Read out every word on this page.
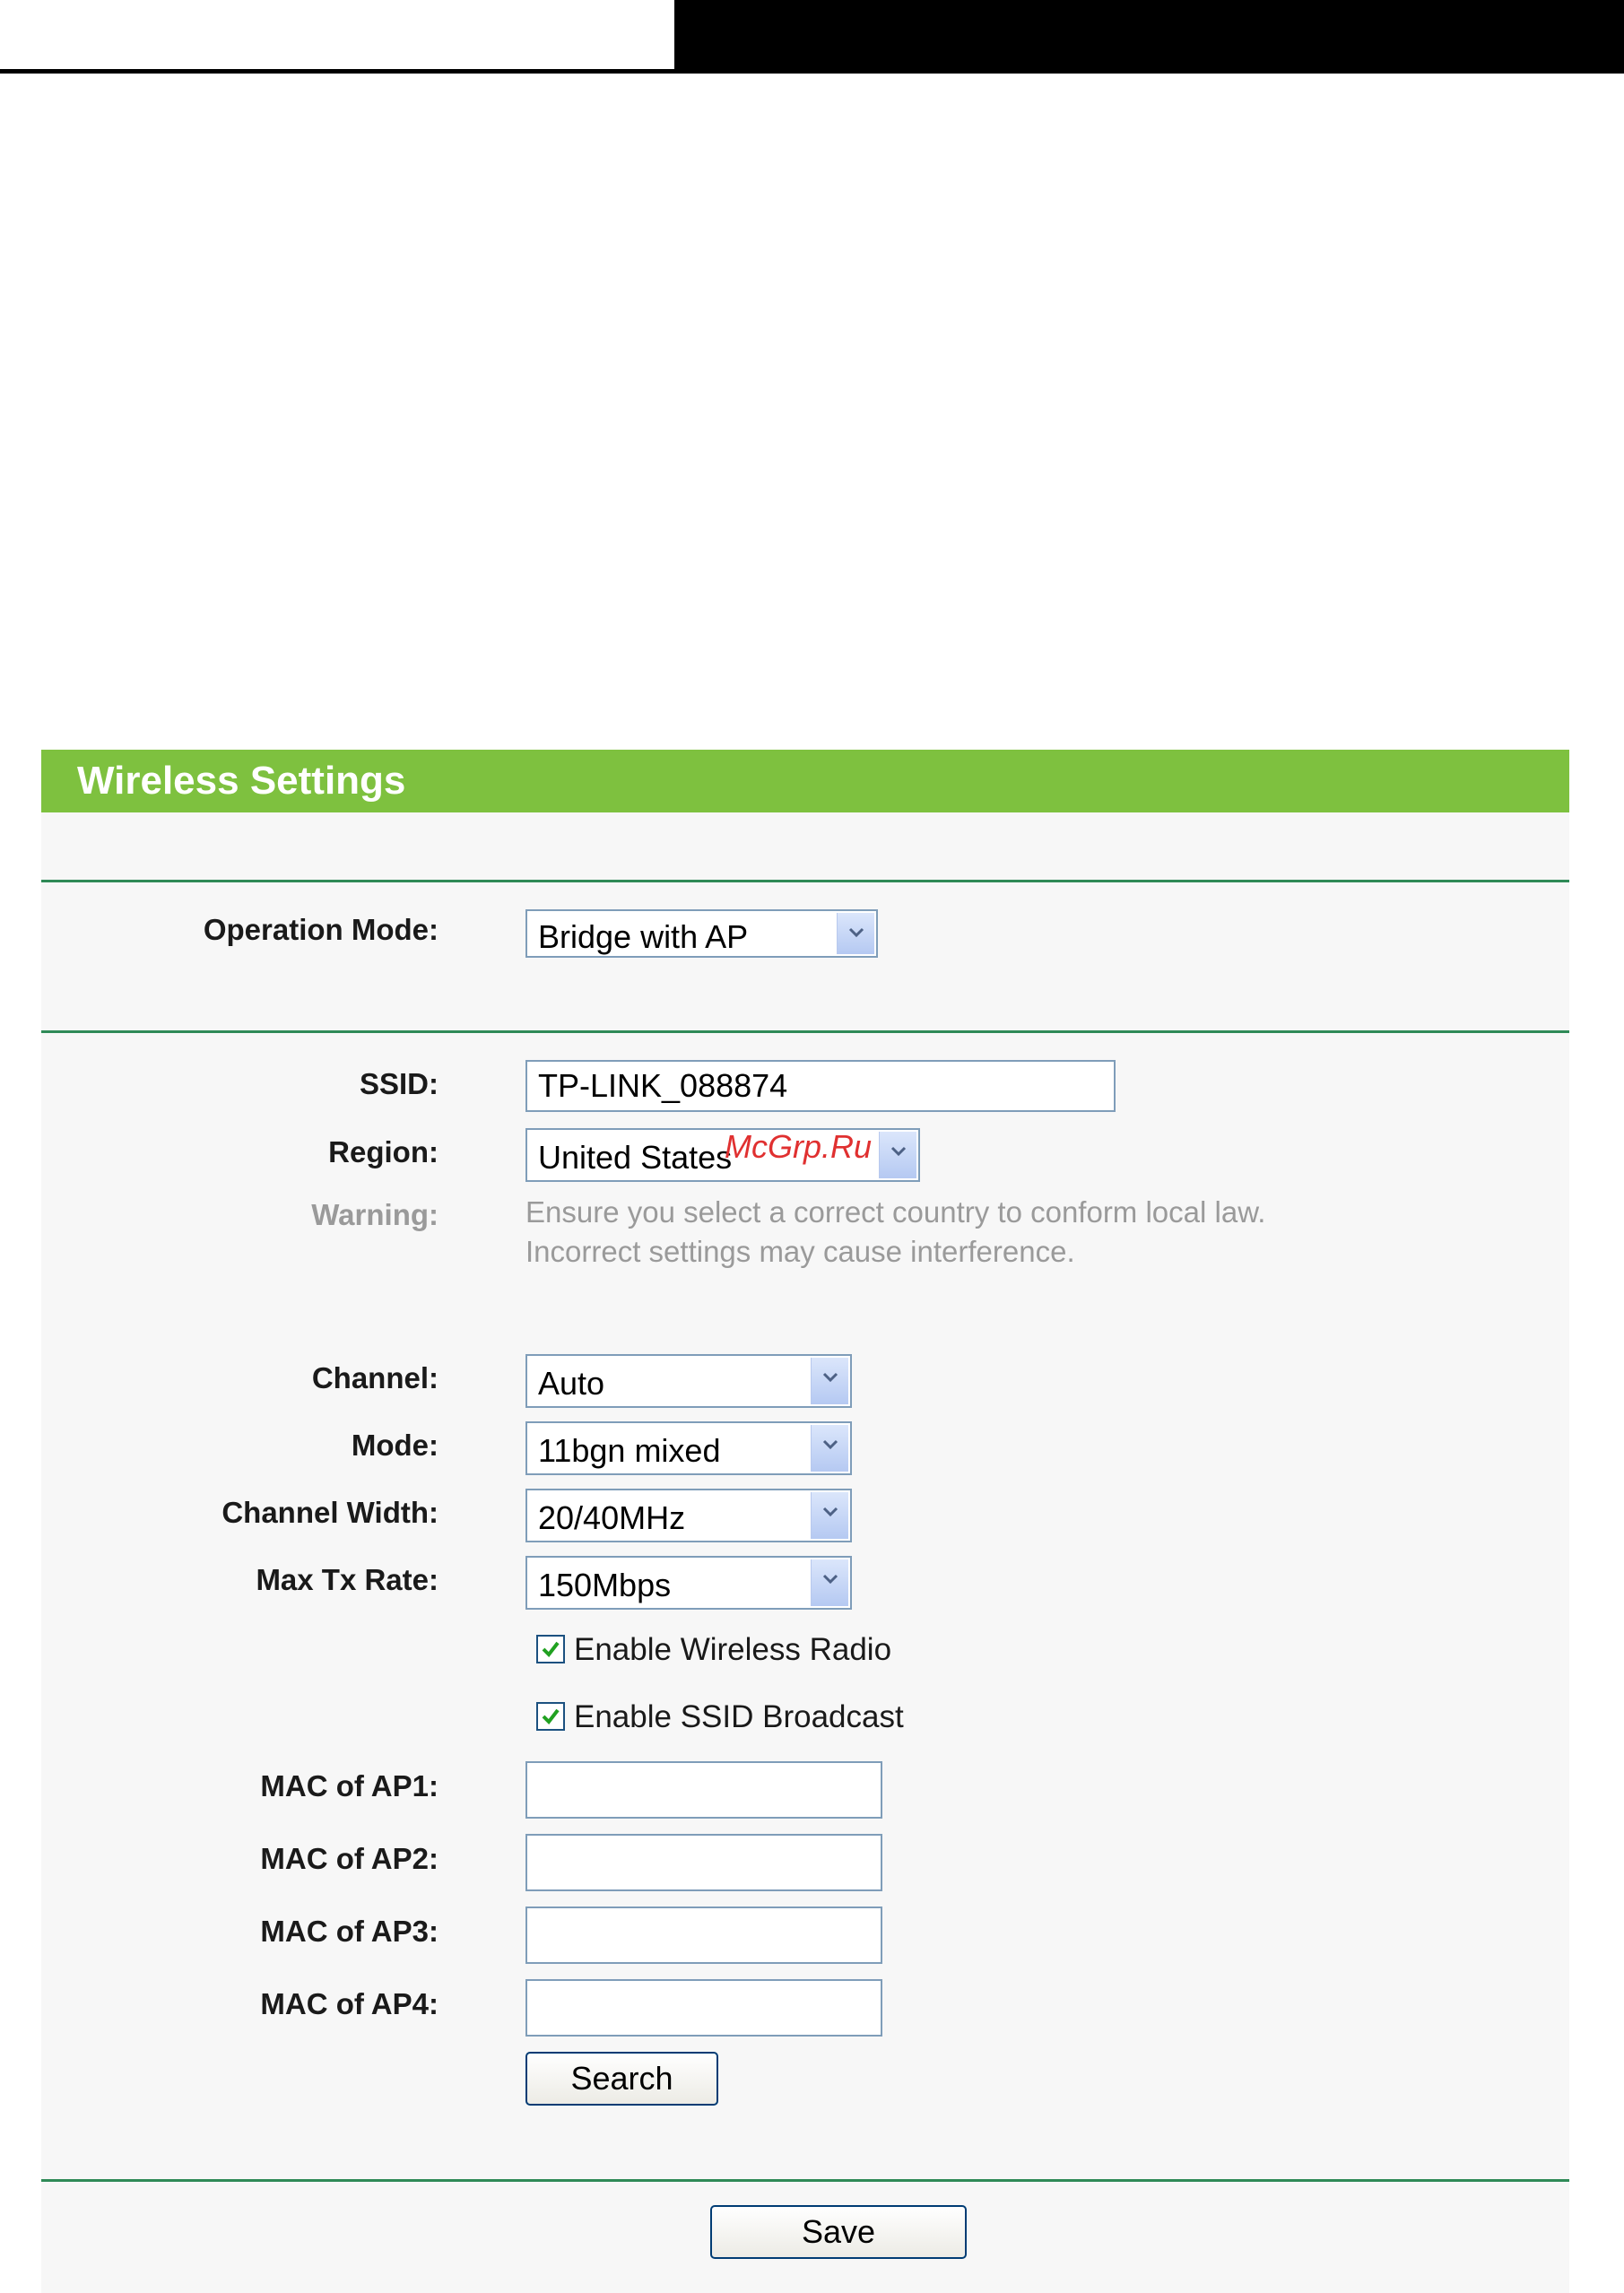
Wireless Settings
Operation Mode:	Bridge with AP
SSID:
TP-LINK_088874
Region:	United States
Warning:	Ensure you select a correct country to conform local law.
Incorrect settings may cause interference.
Channel:	Auto
Mode:	11bgn mixed
Channel Width:	20/40MHz
Max Tx Rate:	150Mbps
Enable Wireless Radio
Enable SSID Broadcast
MAC of AP1:
MAC of AP2:
MAC of AP3:
MAC of AP4:
Search
Save
McGrp.Ru
